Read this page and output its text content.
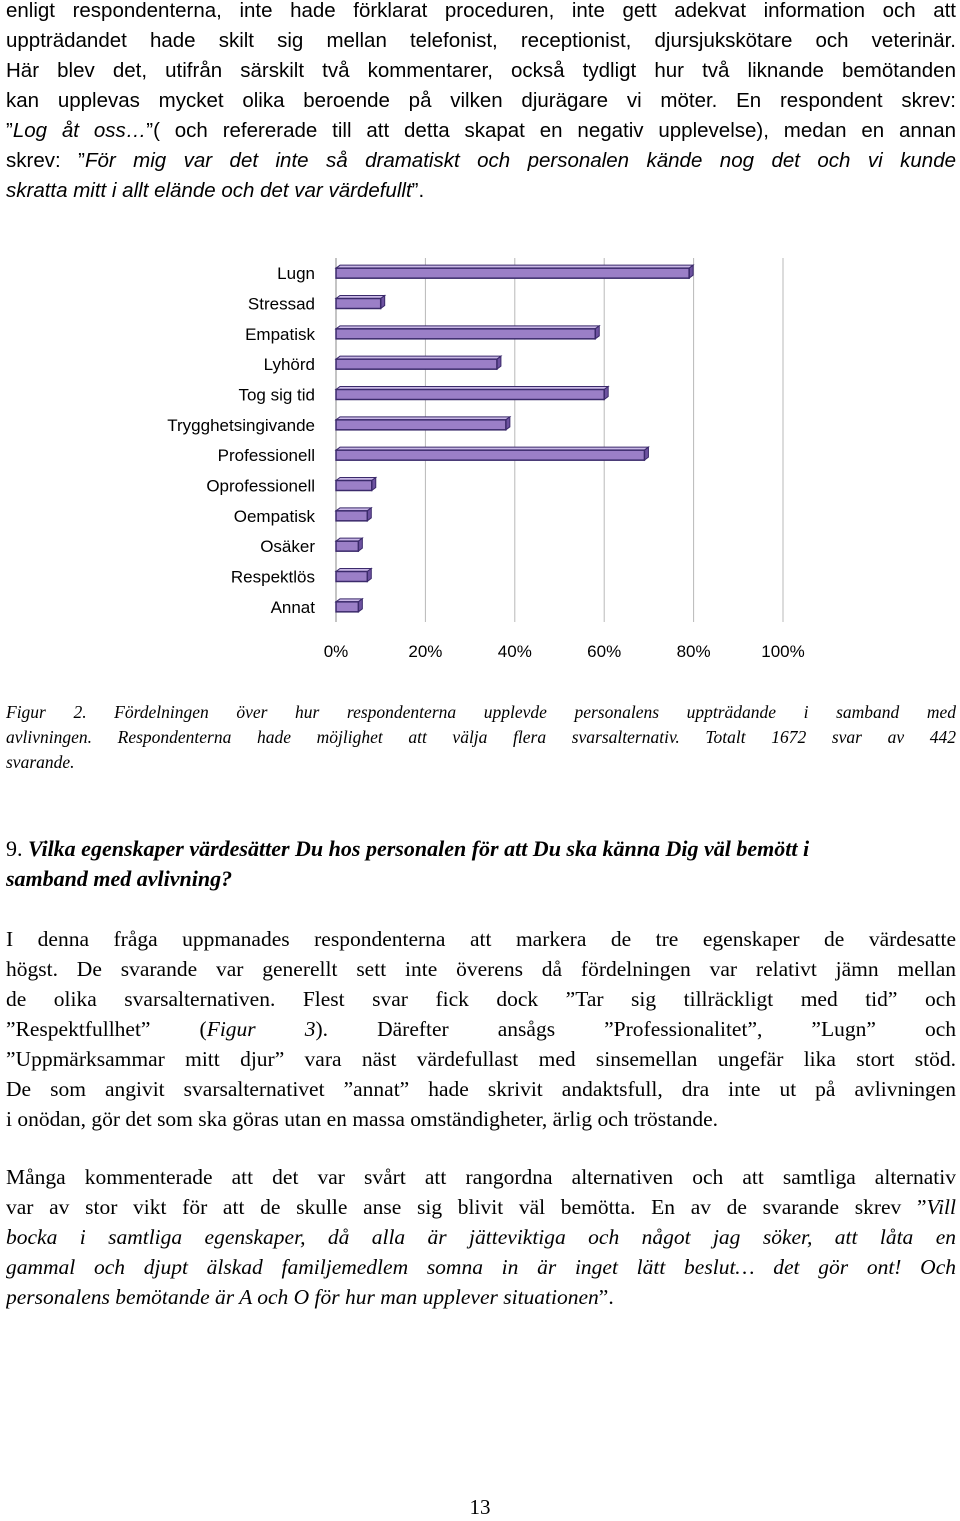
enligt respondenterna, inte hade förklarat proceduren, inte gett adekvat information och att
uppträdandet hade skilt sig mellan telefonist, receptionist, djursjukskötare och veterinär.
Här blev det, utifrån särskilt två kommentarer, också tydligt hur två liknande bemötanden
kan upplevas mycket olika beroende på vilken djurägare vi möter. En respondent skrev:
”Log åt oss…”( och refererade till att detta skapat en negativ upplevelse), medan en annan
skrev: ”För mig var det inte så dramatiskt och personalen kände nog det och vi kunde
skratta mitt i allt elände och det var värdefullt”.
Lugn
Stressad
Empatisk
Lyhörd
Tog sig tid
Trygghetsingivande
Professionell
Oprofessionell
Oempatisk
Osäker
Respektlös
Annat
0%	20%	40%	60%	80%	100%
Figur 2. Fördelningen över hur respondenterna upplevde personalens uppträdande i samband med
avlivningen. Respondenterna hade möjlighet att välja flera svarsalternativ. Totalt 1672 svar av 442
svarande.
9. Vilka egenskaper värdesätter Du hos personalen för att Du ska känna Dig väl bemött i
samband med avlivning?
I denna fråga uppmanades respondenterna att markera de tre egenskaper de värdesatte
högst. De svarande var generellt sett inte överens då fördelningen var relativt jämn mellan
de olika svarsalternativen. Flest svar fick dock ”Tar sig tillräckligt med tid” och
”Respektfullhet” (Figur 3). Därefter ansågs ”Professionalitet”, ”Lugn” och
”Uppmärksammar mitt djur” vara näst värdefullast med sinsemellan ungefär lika stort stöd.
De som angivit svarsalternativet ”annat” hade skrivit andaktsfull, dra inte ut på avlivningen
i onödan, gör det som ska göras utan en massa omständigheter, ärlig och tröstande.
Många kommenterade att det var svårt att rangordna alternativen och att samtliga alternativ
var av stor vikt för att de skulle anse sig blivit väl bemötta. En av de svarande skrev ”Vill
bocka i samtliga egenskaper, då alla är jätteviktiga och något jag söker, att låta en
gammal och djupt älskad familjemedlem somna in är inget lätt beslut… det gör ont! Och
personalens bemötande är A och O för hur man upplever situationen”.
13
